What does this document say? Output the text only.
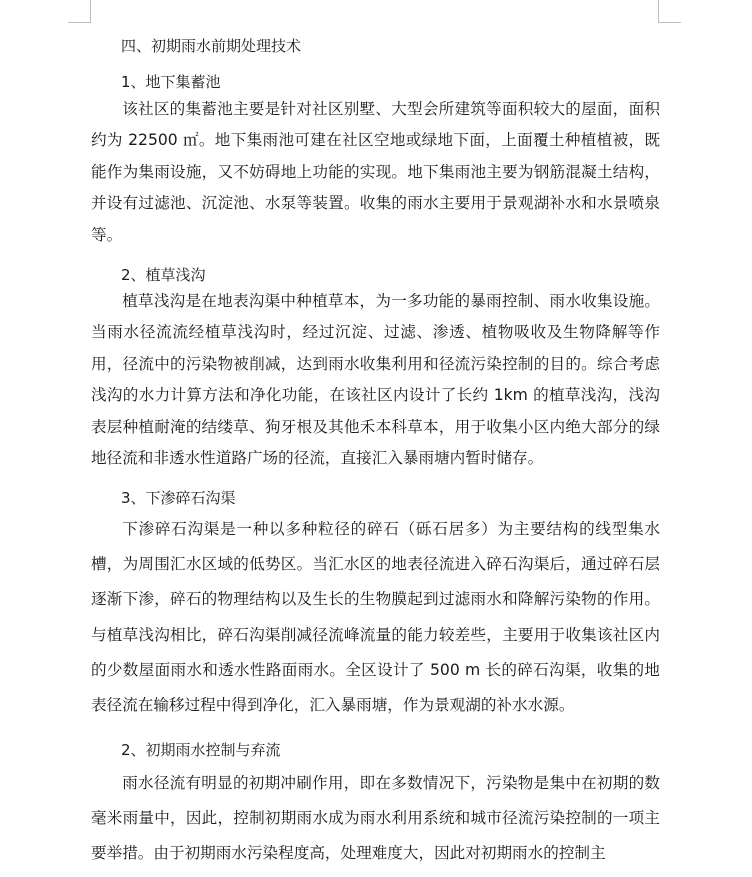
四、初期雨水前期处理技术
1、地下集蓄池
该社区的集蓄池主要是针对社区别墅、大型会所建筑等面积较大的屋面，面积约为 22500 ㎡。地下集雨池可建在社区空地或绿地下面，上面覆土种植植被，既能作为集雨设施，又不妨碍地上功能的实现。地下集雨池主要为钢筋混凝土结构，并设有过滤池、沉淀池、水泵等装置。收集的雨水主要用于景观湖补水和水景喷泉等。
2、植草浅沟
植草浅沟是在地表沟渠中种植草本，为一多功能的暴雨控制、雨水收集设施。当雨水径流流经植草浅沟时，经过沉淀、过滤、渗透、植物吸收及生物降解等作用，径流中的污染物被削减，达到雨水收集利用和径流污染控制的目的。综合考虑浅沟的水力计算方法和净化功能，在该社区内设计了长约 1km 的植草浅沟，浅沟表层种植耐淹的结缕草、狗牙根及其他禾本科草本，用于收集小区内绝大部分的绿地径流和非透水性道路广场的径流，直接汇入暴雨塘内暂时储存。
3、下渗碎石沟渠
下渗碎石沟渠是一种以多种粒径的碎石（砾石居多）为主要结构的线型集水槽，为周围汇水区域的低势区。当汇水区的地表径流进入碎石沟渠后，通过碎石层逐渐下渗，碎石的物理结构以及生长的生物膜起到过滤雨水和降解污染物的作用。与植草浅沟相比，碎石沟渠削减径流峰流量的能力较差些，主要用于收集该社区内的少数屋面雨水和透水性路面雨水。全区设计了 500 m 长的碎石沟渠，收集的地表径流在输移过程中得到净化，汇入暴雨塘，作为景观湖的补水水源。
2、初期雨水控制与弃流
雨水径流有明显的初期冲刷作用，即在多数情况下，污染物是集中在初期的数毫米雨量中，因此，控制初期雨水成为雨水利用系统和城市径流污染控制的一项主要举措。由于初期雨水污染程度高，处理难度大，因此对初期雨水的控制主
